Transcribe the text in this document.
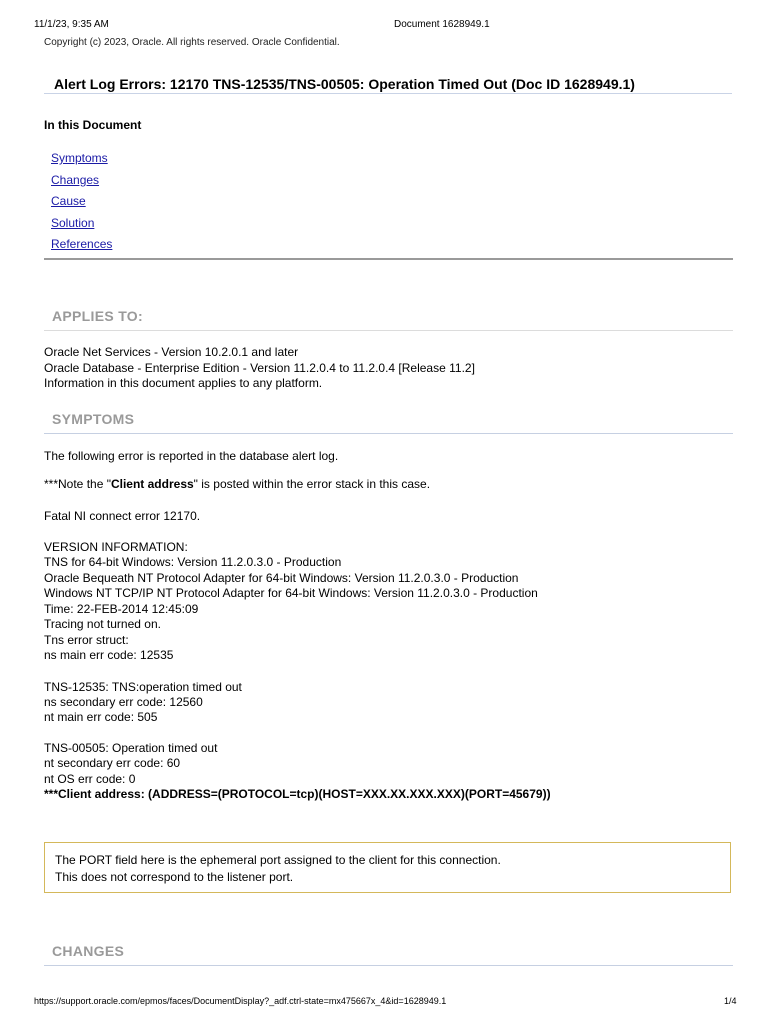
11/1/23, 9:35 AM	Document 1628949.1
Copyright (c) 2023, Oracle. All rights reserved. Oracle Confidential.
Alert Log Errors: 12170 TNS-12535/TNS-00505: Operation Timed Out (Doc ID 1628949.1)
In this Document
Symptoms
Changes
Cause
Solution
References
APPLIES TO:
Oracle Net Services - Version 10.2.0.1 and later
Oracle Database - Enterprise Edition - Version 11.2.0.4 to 11.2.0.4 [Release 11.2]
Information in this document applies to any platform.
SYMPTOMS
The following error is reported in the database alert log.
***Note the "Client address" is posted within the error stack in this case.
Fatal NI connect error 12170.
VERSION INFORMATION:
TNS for 64-bit Windows: Version 11.2.0.3.0 - Production
Oracle Bequeath NT Protocol Adapter for 64-bit Windows: Version 11.2.0.3.0 - Production
Windows NT TCP/IP NT Protocol Adapter for 64-bit Windows: Version 11.2.0.3.0 - Production
Time: 22-FEB-2014 12:45:09
Tracing not turned on.
Tns error struct:
ns main err code: 12535
TNS-12535: TNS:operation timed out
ns secondary err code: 12560
nt main err code: 505
TNS-00505: Operation timed out
nt secondary err code: 60
nt OS err code: 0
***Client address: (ADDRESS=(PROTOCOL=tcp)(HOST=XXX.XX.XXX.XXX)(PORT=45679))
The PORT field here is the ephemeral port assigned to the client for this connection.
This does not correspond to the listener port.
CHANGES
https://support.oracle.com/epmos/faces/DocumentDisplay?_adf.ctrl-state=mx475667x_4&id=1628949.1	1/4
